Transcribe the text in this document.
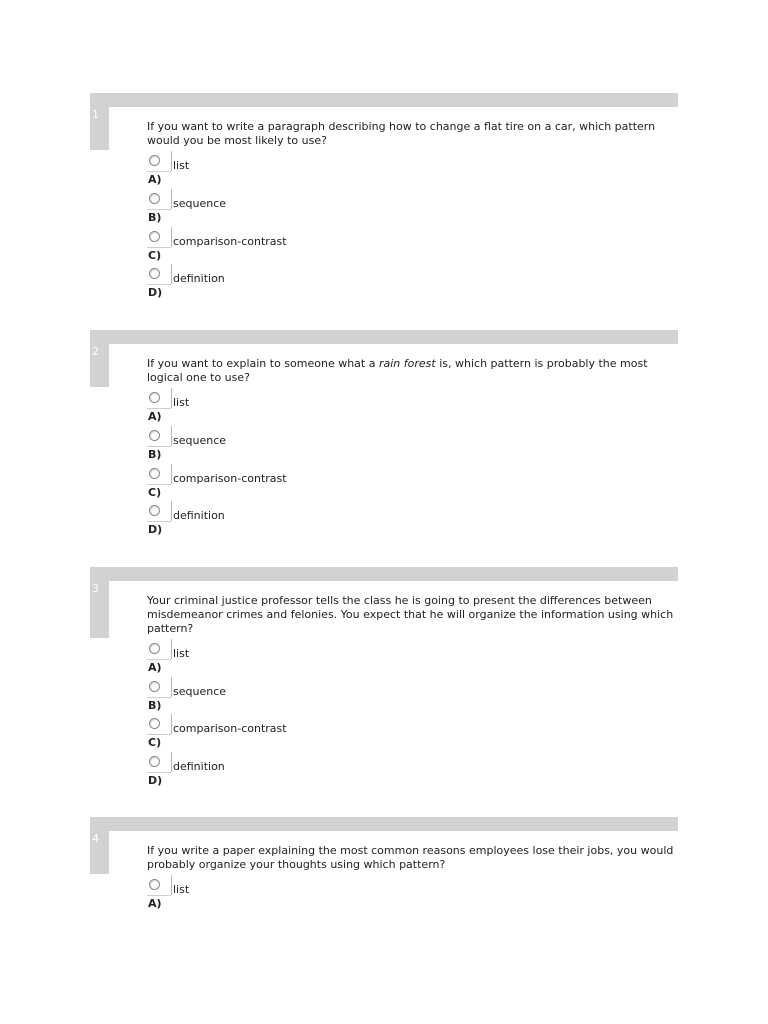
1
If you want to write a paragraph describing how to change a flat tire on a car, which pattern would you be most likely to use?
list
A)
sequence
B)
comparison-contrast
C)
definition
D)
2
If you want to explain to someone what a rain forest is, which pattern is probably the most logical one to use?
list
A)
sequence
B)
comparison-contrast
C)
definition
D)
3
Your criminal justice professor tells the class he is going to present the differences between misdemeanor crimes and felonies. You expect that he will organize the information using which pattern?
list
A)
sequence
B)
comparison-contrast
C)
definition
D)
4
If you write a paper explaining the most common reasons employees lose their jobs, you would probably organize your thoughts using which pattern?
list
A)
